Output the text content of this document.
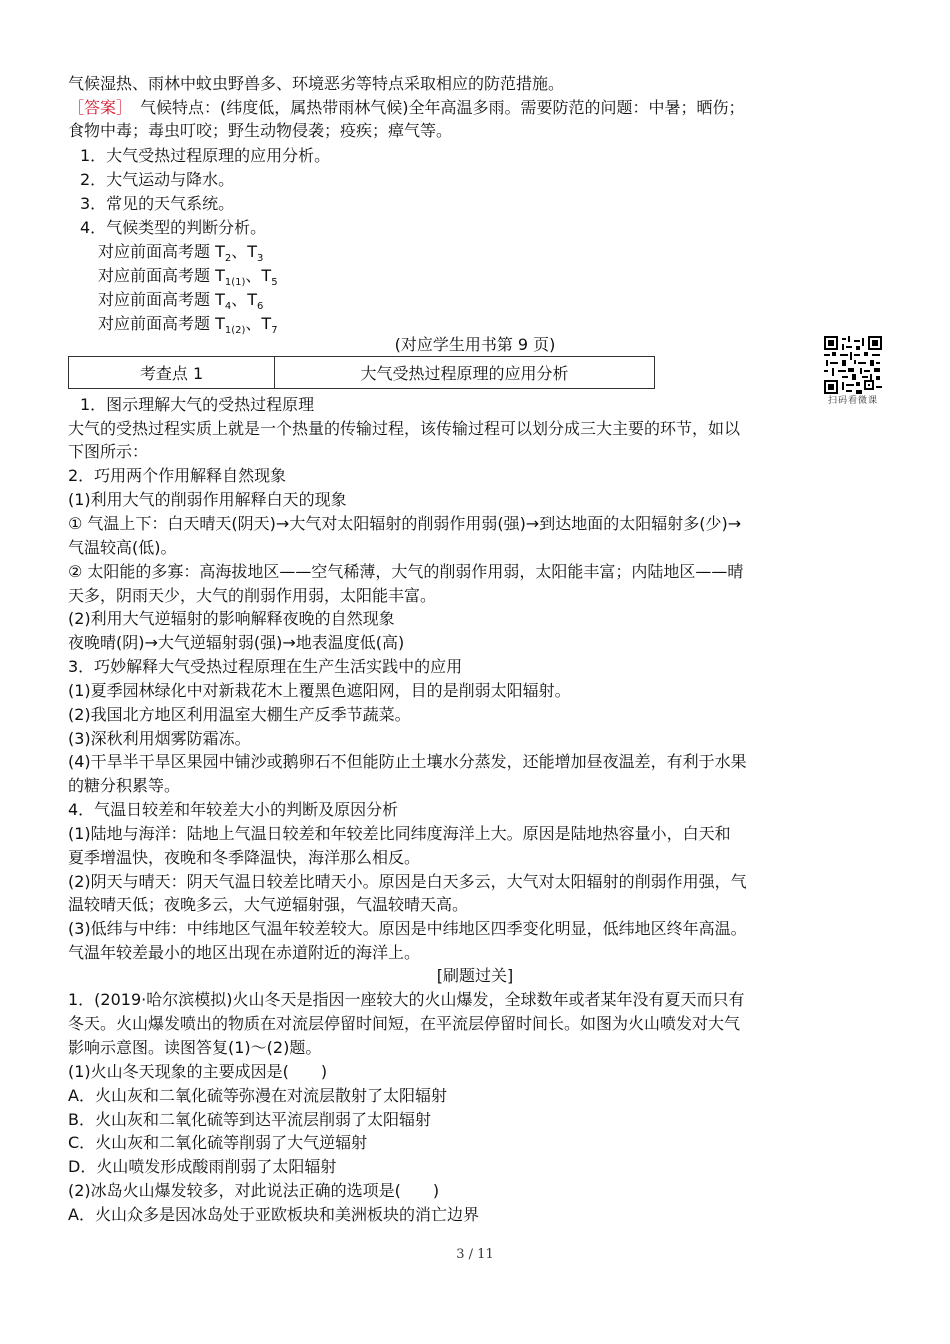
气候湿热、雨林中蚊虫野兽多、环境恶劣等特点采取相应的防范措施。
［答案］　气候特点：(纬度低，属热带雨林气候)全年高温多雨。需要防范的问题：中暑；晒伤；
食物中毒；毒虫叮咬；野生动物侵袭；疫疾；瘴气等。
1．大气受热过程原理的应用分析。
2．大气运动与降水。
3．常见的天气系统。
4．气候类型的判断分析。
对应前面高考题 $T_2$、$T_3$
对应前面高考题 $T_{1(1)}$、$T_5$
对应前面高考题 $T_4$、$T_6$
对应前面高考题 $T_{1(2)}$、$T_7$
(对应学生用书第 9 页)
考查点 1	大气受热过程原理的应用分析
扫码看微课
1．图示理解大气的受热过程原理
大气的受热过程实质上就是一个热量的传输过程，该传输过程可以划分成三大主要的环节，如以
下图所示：
2．巧用两个作用解释自然现象
(1)利用大气的削弱作用解释白天的现象
① 气温上下：白天晴天(阴天)→大气对太阳辐射的削弱作用弱(强)→到达地面的太阳辐射多(少)→
气温较高(低)。
② 太阳能的多寡：高海拔地区——空气稀薄，大气的削弱作用弱，太阳能丰富；内陆地区——晴
天多，阴雨天少，大气的削弱作用弱，太阳能丰富。
(2)利用大气逆辐射的影响解释夜晚的自然现象
夜晚晴(阴)→大气逆辐射弱(强)→地表温度低(高)
3．巧妙解释大气受热过程原理在生产生活实践中的应用
(1)夏季园林绿化中对新栽花木上覆黑色遮阳网，目的是削弱太阳辐射。
(2)我国北方地区利用温室大棚生产反季节蔬菜。
(3)深秋利用烟雾防霜冻。
(4)干旱半干旱区果园中铺沙或鹅卵石不但能防止土壤水分蒸发，还能增加昼夜温差，有利于水果
的糖分积累等。
4．气温日较差和年较差大小的判断及原因分析
(1)陆地与海洋：陆地上气温日较差和年较差比同纬度海洋上大。原因是陆地热容量小，白天和
夏季增温快，夜晚和冬季降温快，海洋那么相反。
(2)阴天与晴天：阴天气温日较差比晴天小。原因是白天多云，大气对太阳辐射的削弱作用强，气
温较晴天低；夜晚多云，大气逆辐射强，气温较晴天高。
(3)低纬与中纬：中纬地区气温年较差较大。原因是中纬地区四季变化明显，低纬地区终年高温。
气温年较差最小的地区出现在赤道附近的海洋上。
[刷题过关]
1．(2019·哈尔滨模拟)火山冬天是指因一座较大的火山爆发，全球数年或者某年没有夏天而只有
冬天。火山爆发喷出的物质在对流层停留时间短，在平流层停留时间长。如图为火山喷发对大气
影响示意图。读图答复(1)～(2)题。
(1)火山冬天现象的主要成因是(　　)
A．火山灰和二氧化硫等弥漫在对流层散射了太阳辐射
B．火山灰和二氧化硫等到达平流层削弱了太阳辐射
C．火山灰和二氧化硫等削弱了大气逆辐射
D．火山喷发形成酸雨削弱了太阳辐射
(2)冰岛火山爆发较多，对此说法正确的选项是(　　)
A．火山众多是因冰岛处于亚欧板块和美洲板块的消亡边界
3 / 11
